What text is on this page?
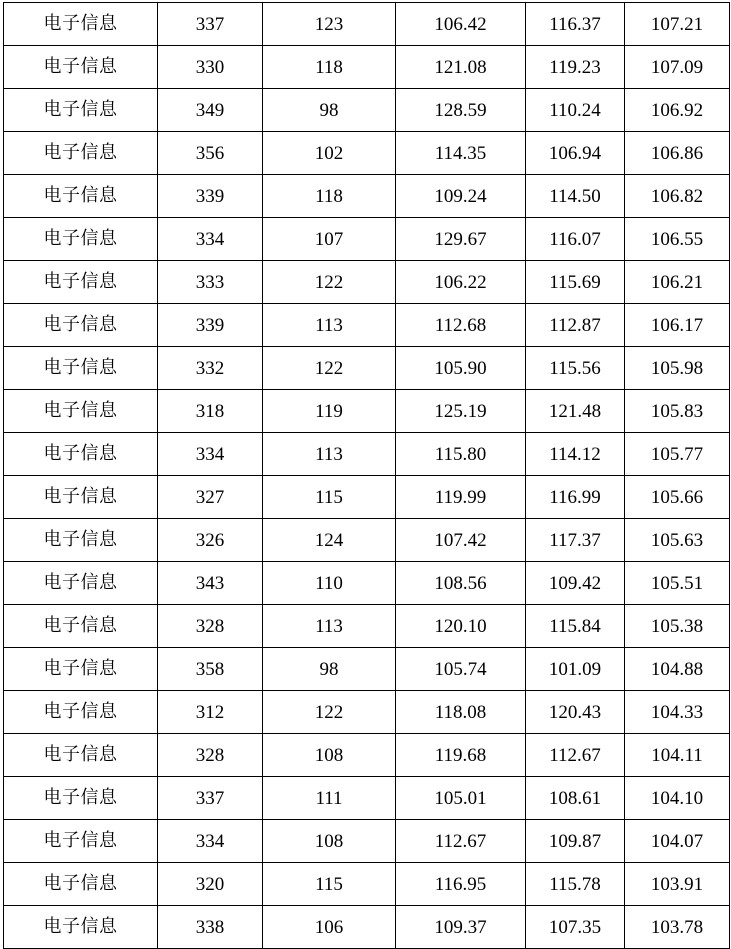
电子信息	337	123	106.42	116.37	107.21
电子信息	330	118	121.08	119.23	107.09
电子信息	349	98	128.59	110.24	106.92
电子信息	356	102	114.35	106.94	106.86
电子信息	339	118	109.24	114.50	106.82
电子信息	334	107	129.67	116.07	106.55
电子信息	333	122	106.22	115.69	106.21
电子信息	339	113	112.68	112.87	106.17
电子信息	332	122	105.90	115.56	105.98
电子信息	318	119	125.19	121.48	105.83
电子信息	334	113	115.80	114.12	105.77
电子信息	327	115	119.99	116.99	105.66
电子信息	326	124	107.42	117.37	105.63
电子信息	343	110	108.56	109.42	105.51
电子信息	328	113	120.10	115.84	105.38
电子信息	358	98	105.74	101.09	104.88
电子信息	312	122	118.08	120.43	104.33
电子信息	328	108	119.68	112.67	104.11
电子信息	337	111	105.01	108.61	104.10
电子信息	334	108	112.67	109.87	104.07
电子信息	320	115	116.95	115.78	103.91
电子信息	338	106	109.37	107.35	103.78
